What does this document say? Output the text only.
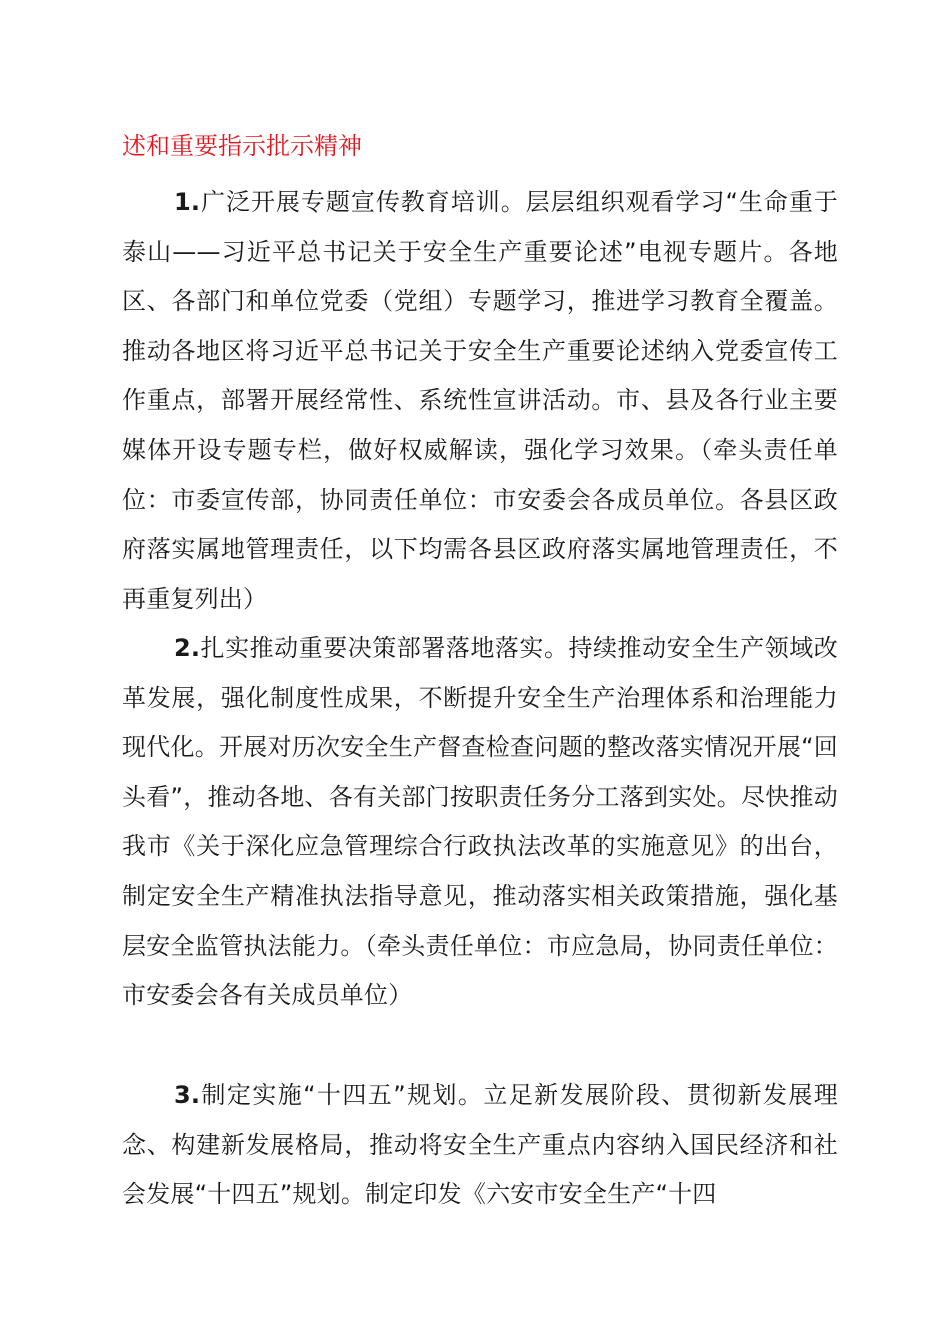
述和重要指示批示精神

1.广泛开展专题宣传教育培训。层层组织观看学习“生命重于泰山——习近平总书记关于安全生产重要论述”电视专题片。各地区、各部门和单位党委（党组）专题学习，推进学习教育全覆盖。推动各地区将习近平总书记关于安全生产重要论述纳入党委宣传工作重点，部署开展经常性、系统性宣讲活动。市、县及各行业主要媒体开设专题专栏，做好权威解读，强化学习效果。（牵头责任单位：市委宣传部，协同责任单位：市安委会各成员单位。各县区政府落实属地管理责任，以下均需各县区政府落实属地管理责任，不再重复列出）

2.扎实推动重要决策部署落地落实。持续推动安全生产领域改革发展，强化制度性成果，不断提升安全生产治理体系和治理能力现代化。开展对历次安全生产督查检查问题的整改落实情况开展“回头看”，推动各地、各有关部门按职责任务分工落到实处。尽快推动我市《关于深化应急管理综合行政执法改革的实施意见》的出台，制定安全生产精准执法指导意见，推动落实相关政策措施，强化基层安全监管执法能力。（牵头责任单位：市应急局，协同责任单位：市安委会各有关成员单位）

3.制定实施“十四五”规划。立足新发展阶段、贯彻新发展理念、构建新发展格局，推动将安全生产重点内容纳入国民经济和社会发展“十四五”规划。制定印发《六安市安全生产“十四
